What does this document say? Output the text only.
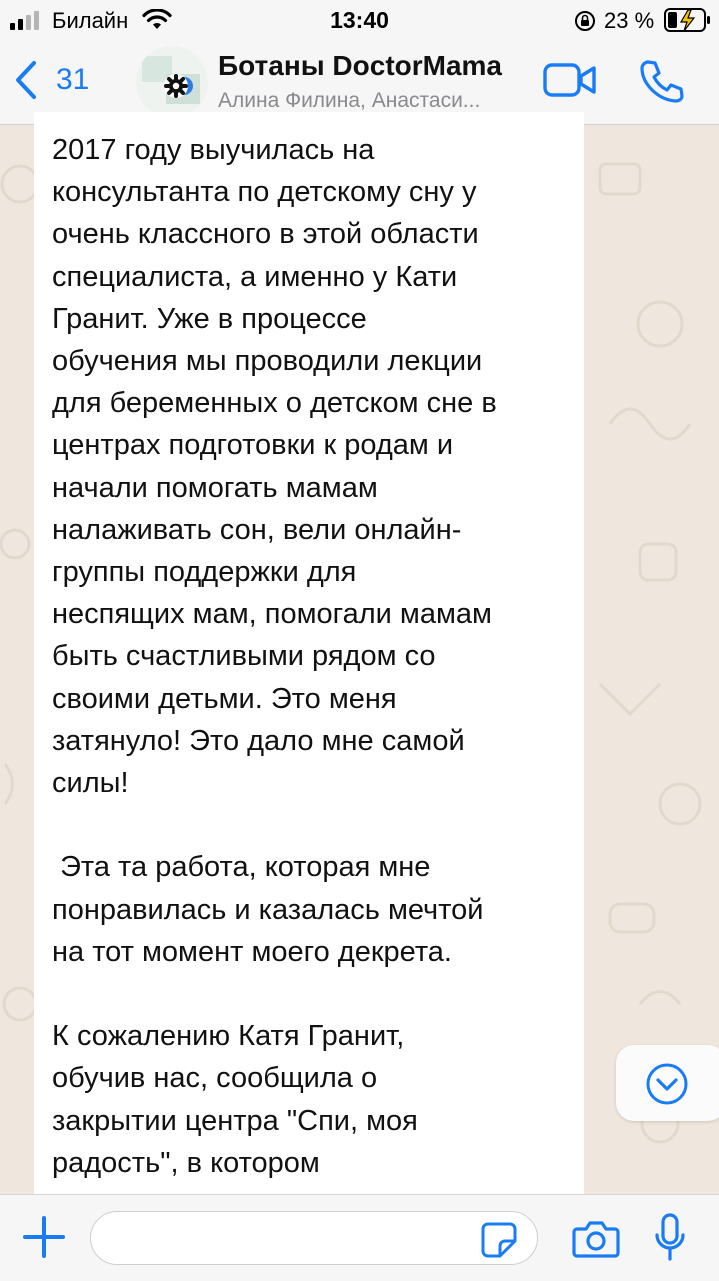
Билайн	13:40	23 %
31	Ботаны DoctorMama
Алина Филина, Анастаси...
2017 году выучилась на
консультанта по детскому сну у
очень классного в этой области
специалиста, а именно у Кати
Гранит. Уже в процессе
обучения мы проводили лекции
для беременных о детском сне в
центрах подготовки к родам и
начали помогать мамам
налаживать сон, вели онлайн-
группы поддержки для
неспящих мам, помогали мамам
быть счастливыми рядом со
своими детьми. Это меня
затянуло! Это дало мне самой
силы!

Эта та работа, которая мне
понравилась и казалась мечтой
на тот момент моего декрета.

К сожалению Катя Гранит,
обучив нас, сообщила о
закрытии центра "Спи, моя
радость", в котором
